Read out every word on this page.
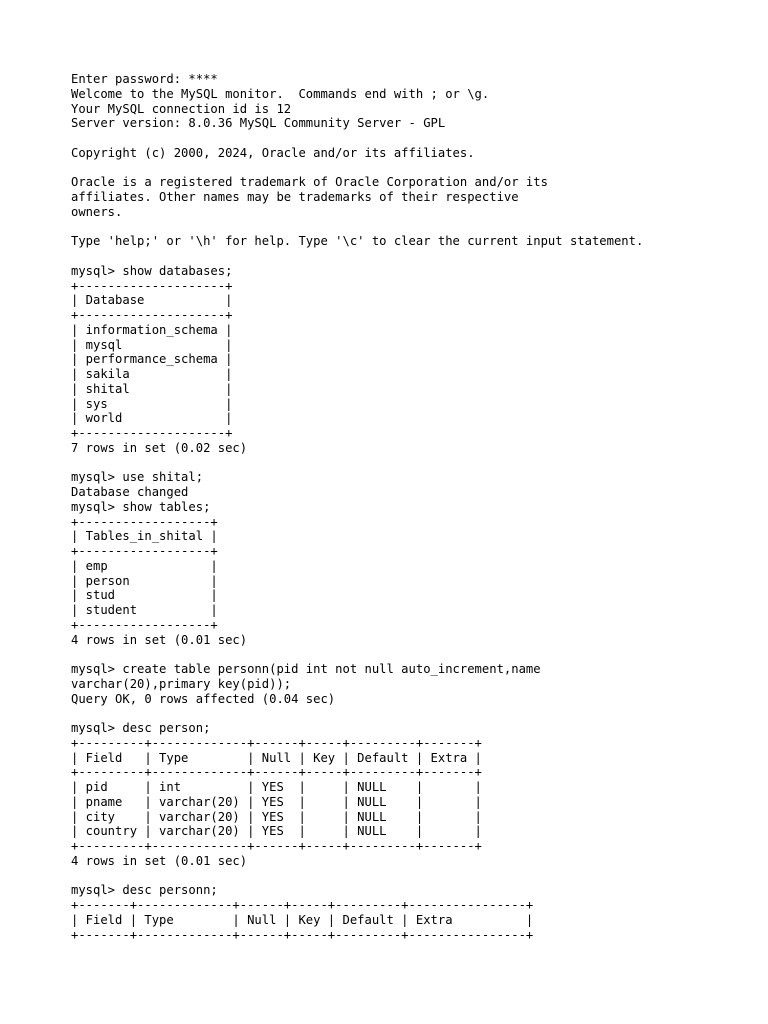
Enter password: ****
Welcome to the MySQL monitor.  Commands end with ; or \g.
Your MySQL connection id is 12
Server version: 8.0.36 MySQL Community Server - GPL
Copyright (c) 2000, 2024, Oracle and/or its affiliates.
Oracle is a registered trademark of Oracle Corporation and/or its
affiliates. Other names may be trademarks of their respective
owners.
Type 'help;' or '\h' for help. Type '\c' to clear the current input statement.
mysql> show databases;
+--------------------+
| Database           |
+--------------------+
| information_schema |
| mysql              |
| performance_schema |
| sakila             |
| shital             |
| sys                |
| world              |
+--------------------+
7 rows in set (0.02 sec)
mysql> use shital;
Database changed
mysql> show tables;
+------------------+
| Tables_in_shital |
+------------------+
| emp              |
| person           |
| stud             |
| student          |
+------------------+
4 rows in set (0.01 sec)
mysql> create table personn(pid int not null auto_increment,name
varchar(20),primary key(pid));
Query OK, 0 rows affected (0.04 sec)
mysql> desc person;
+---------+-------------+------+-----+---------+-------+
| Field   | Type        | Null | Key | Default | Extra |
+---------+-------------+------+-----+---------+-------+
| pid     | int         | YES  |     | NULL    |       |
| pname   | varchar(20) | YES  |     | NULL    |       |
| city    | varchar(20) | YES  |     | NULL    |       |
| country | varchar(20) | YES  |     | NULL    |       |
+---------+-------------+------+-----+---------+-------+
4 rows in set (0.01 sec)
mysql> desc personn;
+-------+-------------+------+-----+---------+----------------+
| Field | Type        | Null | Key | Default | Extra          |
+-------+-------------+------+-----+---------+----------------+
